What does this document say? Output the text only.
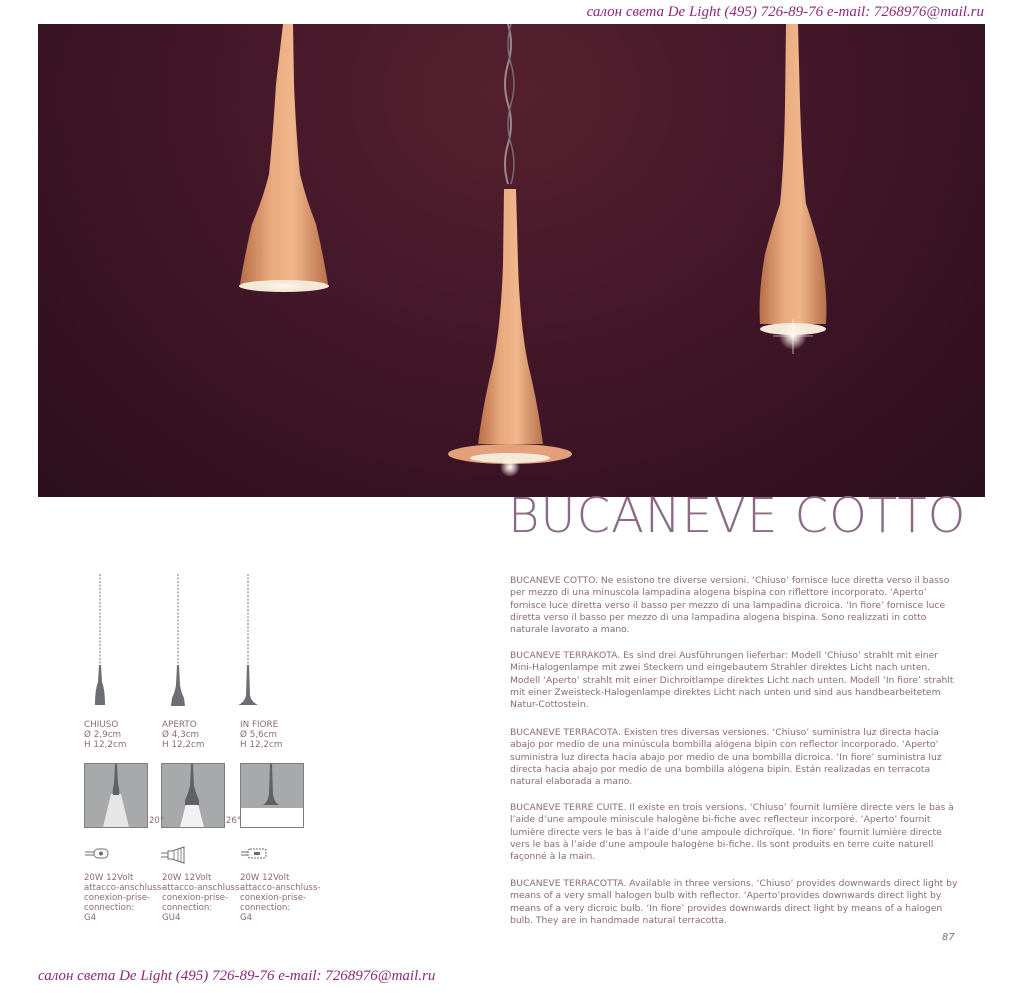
салон света De Light (495) 726-89-76 e-mail: 7268976@mail.ru
BUCANEVE COTTO
BUCANEVE COTTO. Ne esistono tre diverse versioni. ‘Chiuso’ fornisce luce diretta verso il basso per mezzo di una minuscola lampadina alogena bispina con riflettore incorporato. ‘Aperto’ fornisce luce diretta verso il basso per mezzo di una lampadina dicroica. ‘In fiore’ fornisce luce diretta verso il basso per mezzo di una lampadina alogena bispina. Sono realizzati in cotto naturale lavorato a mano.
BUCANEVE TERRAKOTA. Es sind drei Ausführungen lieferbar: Modell ‘Chiuso’ strahlt mit einer Mini-Halogenlampe mit zwei Steckern und eingebautem Strahler direktes Licht nach unten. Modell ‘Aperto’ strahlt mit einer Dichroitlampe direktes Licht nach unten. Modell ‘In fiore’ strahlt mit einer Zweisteck-Halogenlampe direktes Licht nach unten und sind aus handbearbeitetem Natur-Cottostein.
BUCANEVE TERRACOTA. Existen tres diversas versiones. ‘Chiuso’ suministra luz directa hacia abajo por medio de una minúscula bombilla alógena bipin con reflector incorporado. ‘Aperto’ suministra luz directa hacia abajo por medio de una bombilla dicroica. ‘In fiore’ suministra luz directa hacia abajo por medio de una bombilla alógena bipin. Están realizadas en terracota natural elaborada a mano.
BUCANEVE TERRE CUITE. Il existe en trois versions. ‘Chiuso’ fournit lumière directe vers le bas à l’aide d’une ampoule miniscule halogène bi-fiche avec reflecteur incorporé. ‘Aperto’ fournit lumière directe vers le bas à l’aide d’une ampoule dichroïque. ‘In fiore’ fournit lumière directe vers le bas à l’aide d’une ampoule halogène bi-fiche. Ils sont produits en terre cuite naturell façonné à la main.
BUCANEVE TERRACOTTA. Available in three versions. ‘Chiuso’ provides downwards direct light by means of a very small halogen bulb with reflector. ‘Aperto’provides downwards direct light by means of a very dicroic bulb. ‘In fiore’ provides downwards direct light by means of a halogen bulb. They are in handmade natural terracotta.
87
CHIUSO
Ø 2,9cm
H 12,2cm
APERTO
Ø 4,3cm
H 12,2cm
IN FIORE
Ø 5,6cm
H 12,2cm
20°	26°
20W 12Volt
attacco-anschluss-
conexion-prise-
connection:
G4
20W 12Volt
attacco-anschluss-
conexion-prise-
connection:
GU4
20W 12Volt
attacco-anschluss-
conexion-prise-
connection:
G4
салон света De Light (495) 726-89-76 e-mail: 7268976@mail.ru
